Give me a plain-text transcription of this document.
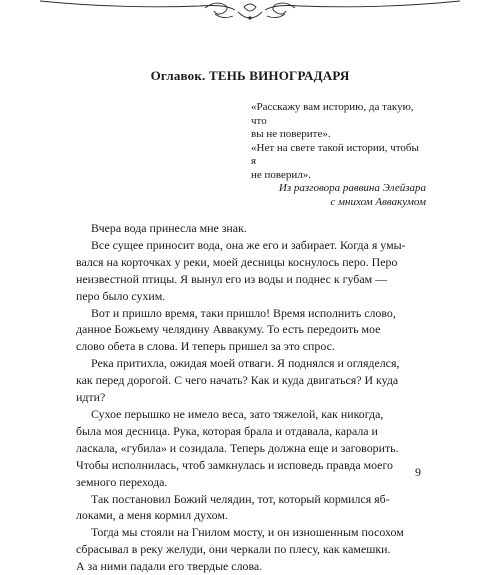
Оглавок. ТЕНЬ ВИНОГРАДАРЯ

«Расскажу вам историю, да такую, что

вы не поверите».

«Нет на свете такой истории, чтобы я

не поверил».

Из разговора раввина Элейзара

с мнихом Аввакумом

Вчера вода принесла мне знак.

Все сущее приносит вода, она же его и забирает. Когда я умы-

вался на корточках у реки, моей десницы коснулось перо. Перо

неизвестной птицы. Я вынул его из воды и поднес к губам —

перо было сухим.

Вот и пришло время, таки пришло! Время исполнить слово,

данное Божьему челядину Аввакуму. То есть передоить мое

слово обета в слова. И теперь пришел за это спрос.

Река притихла, ожидая моей отваги. Я поднялся и огляделся,

как перед дорогой. С чего начать? Как и куда двигаться? И куда

идти?

Сухое перышко не имело веса, зато тяжелой, как никогда,

была моя десница. Рука, которая брала и отдавала, карала и

ласкала, «губила» и созидала. Теперь должна еще и заговорить.

Чтобы исполнилась, чтоб замкнулась и исповедь правда моего

земного перехода.

Так постановил Божий челядин, тот, который кормился яб-

локами, а меня кормил духом.

Тогда мы стояли на Гнилом мосту, и он изношенным посохом

сбрасывал в реку желуди, они черкали по плесу, как камешки.

А за ними падали его твердые слова.

9
